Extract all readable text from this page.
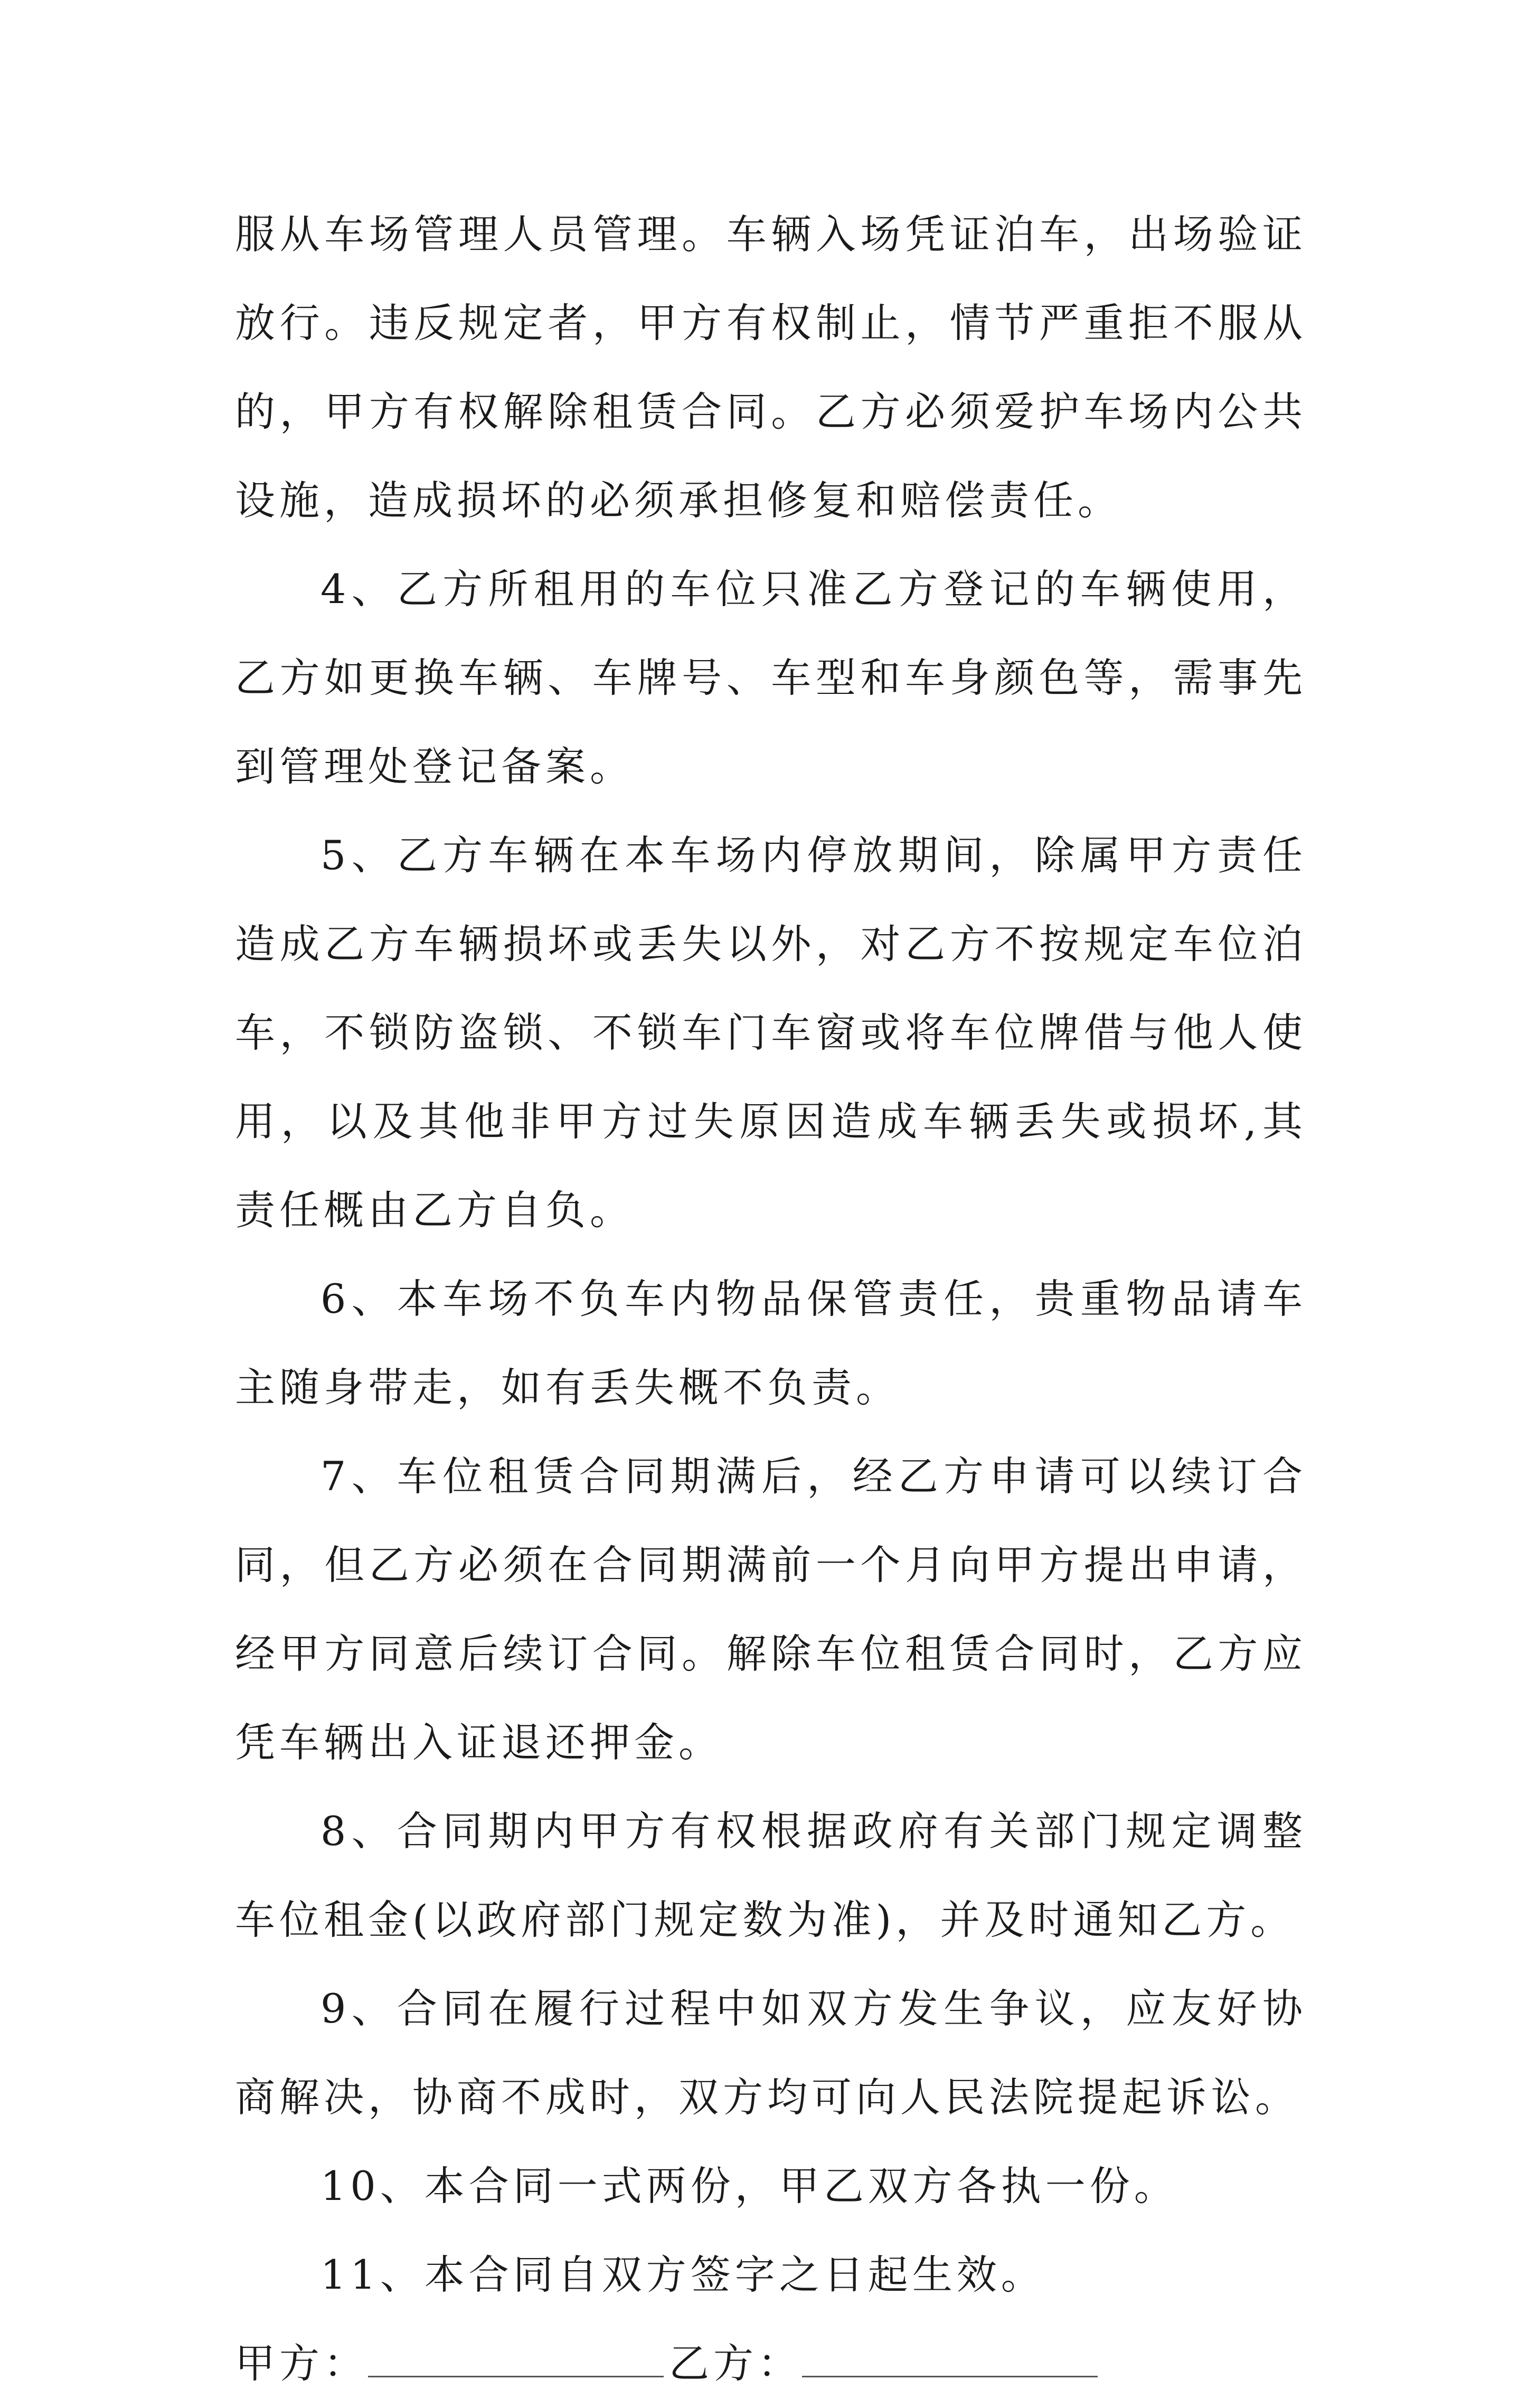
服从车场管理人员管理。车辆入场凭证泊车，出场验证放行。违反规定者，甲方有权制止，情节严重拒不服从的，甲方有权解除租赁合同。乙方必须爱护车场内公共设施，造成损坏的必须承担修复和赔偿责任。

4、乙方所租用的车位只准乙方登记的车辆使用，乙方如更换车辆、车牌号、车型和车身颜色等，需事先到管理处登记备案。

5、乙方车辆在本车场内停放期间，除属甲方责任造成乙方车辆损坏或丢失以外，对乙方不按规定车位泊车，不锁防盗锁、不锁车门车窗或将车位牌借与他人使用，以及其他非甲方过失原因造成车辆丢失或损坏,其责任概由乙方自负。

6、本车场不负车内物品保管责任，贵重物品请车主随身带走，如有丢失概不负责。

7、车位租赁合同期满后，经乙方申请可以续订合同，但乙方必须在合同期满前一个月向甲方提出申请，经甲方同意后续订合同。解除车位租赁合同时，乙方应凭车辆出入证退还押金。

8、合同期内甲方有权根据政府有关部门规定调整车位租金(以政府部门规定数为准)，并及时通知乙方。

9、合同在履行过程中如双方发生争议，应友好协商解决，协商不成时，双方均可向人民法院提起诉讼。

10、本合同一式两份，甲乙双方各执一份。

11、本合同自双方签字之日起生效。

甲方：	乙方：
